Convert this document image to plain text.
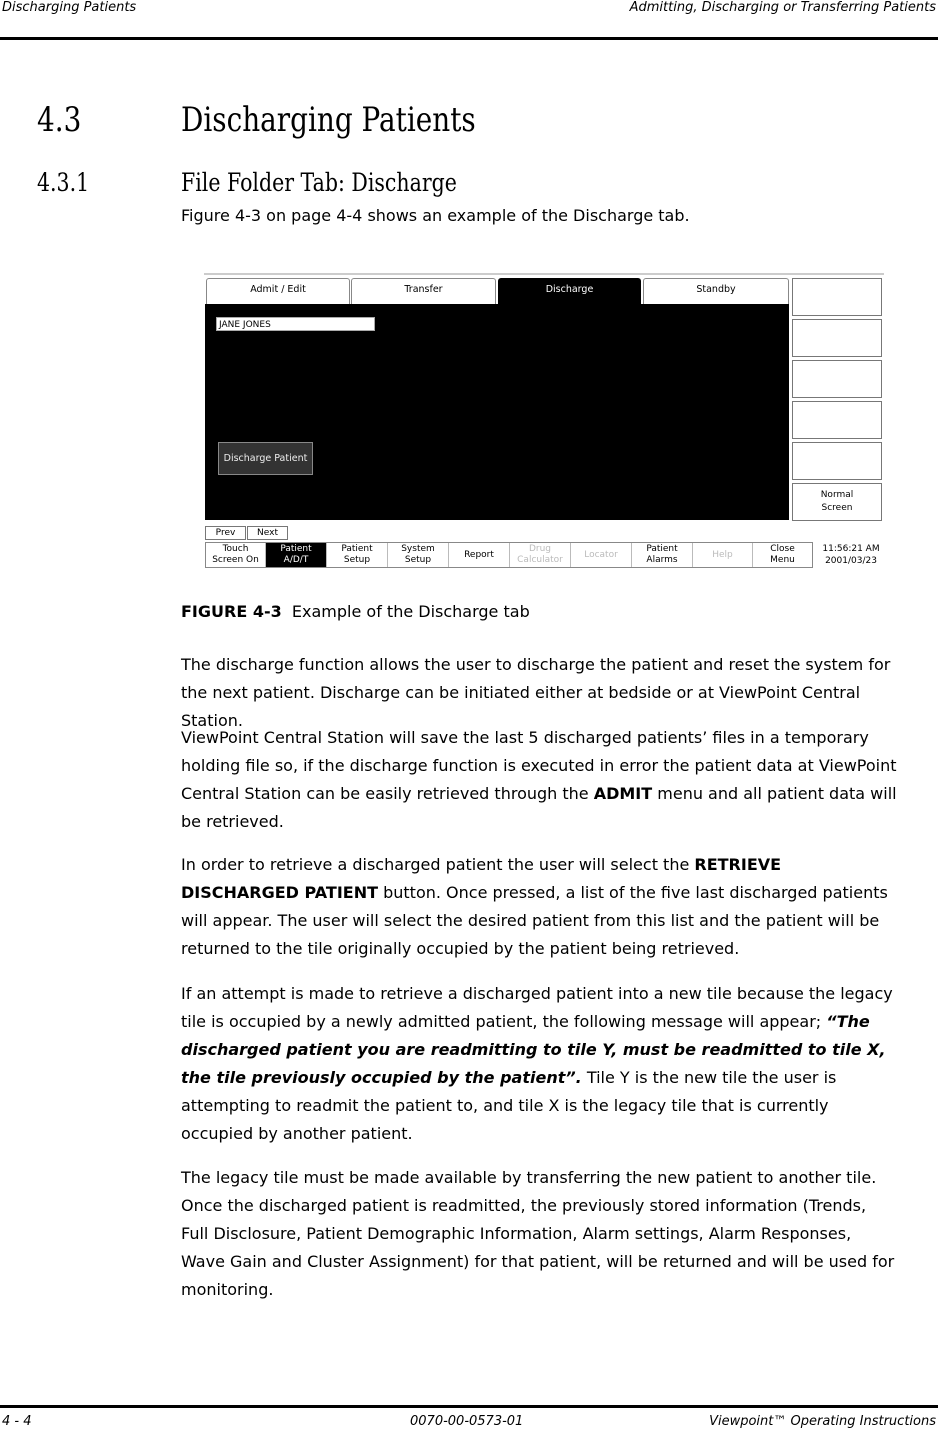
Discharging Patients	Admitting, Discharging or Transferring Patients
4.3	Discharging Patients
4.3.1	File Folder Tab: Discharge

Figure 4-3 on page 4-4 shows an example of the Discharge tab.

Admit / Edit	Transfer	Discharge	Standby
JANE JONES
Discharge Patient
Normal
Screen
Prev	Next
Touch
Screen On
Patient
A/D/T
Patient
Setup
System
Setup	Report
Drug
Calculator	Locator
Patient
Alarms	Help
Close
Menu
11:56:21 AM
2001/03/23

FIGURE 4-3 Example of the Discharge tab

The discharge function allows the user to discharge the patient and reset the system for the next patient. Discharge can be initiated either at bedside or at ViewPoint Central Station.

ViewPoint Central Station will save the last 5 discharged patients’ files in a temporary holding file so, if the discharge function is executed in error the patient data at ViewPoint Central Station can be easily retrieved through the ADMIT menu and all patient data will be retrieved.

In order to retrieve a discharged patient the user will select the RETRIEVE DISCHARGED PATIENT button. Once pressed, a list of the five last discharged patients will appear. The user will select the desired patient from this list and the patient will be returned to the tile originally occupied by the patient being retrieved.

If an attempt is made to retrieve a discharged patient into a new tile because the legacy tile is occupied by a newly admitted patient, the following message will appear; “The discharged patient you are readmitting to tile Y, must be readmitted to tile X, the tile previously occupied by the patient”. Tile Y is the new tile the user is attempting to readmit the patient to, and tile X is the legacy tile that is currently occupied by another patient.

The legacy tile must be made available by transferring the new patient to another tile. Once the discharged patient is readmitted, the previously stored information (Trends, Full Disclosure, Patient Demographic Information, Alarm settings, Alarm Responses, Wave Gain and Cluster Assignment) for that patient, will be returned and will be used for monitoring.

4 - 4	0070-00-0573-01	Viewpoint™ Operating Instructions
